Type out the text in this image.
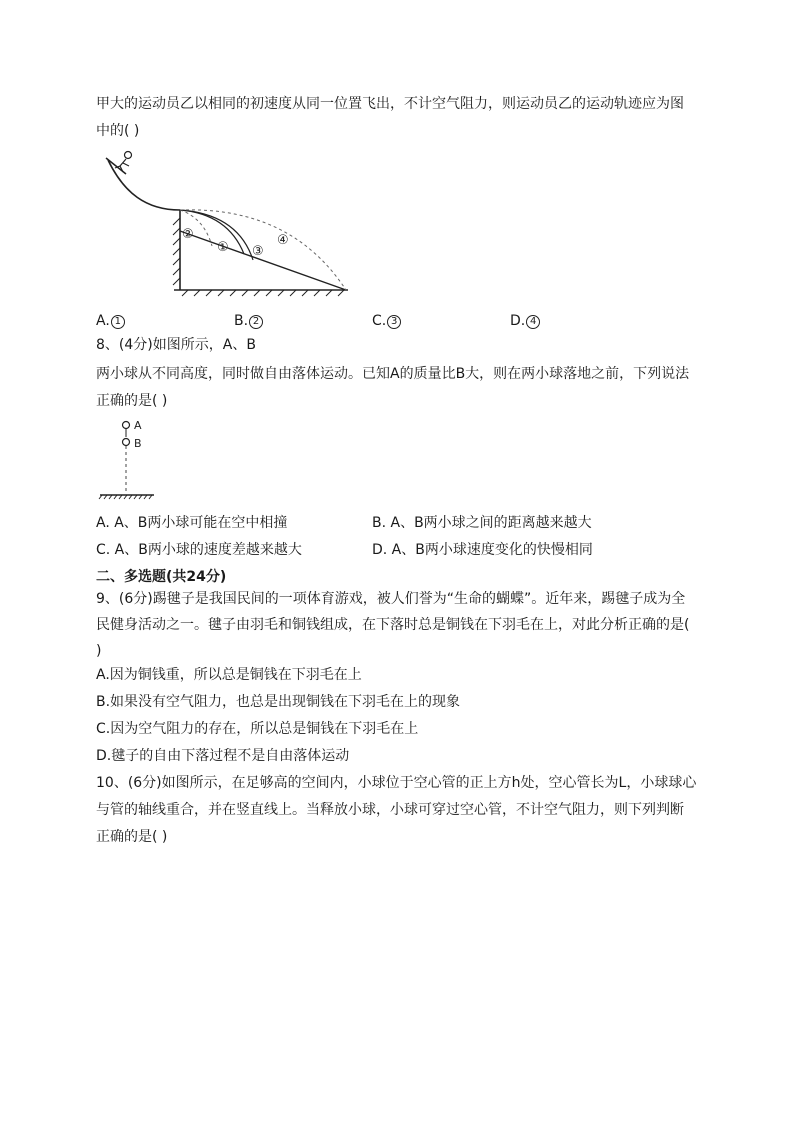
甲大的运动员乙以相同的初速度从同一位置飞出，不计空气阻力，则运动员乙的运动轨迹应为图
中的( )
②
① ③
④
A. 1	B. 2	C. 3	D. 4
8、(4分)如图所示，A、B
两小球从不同高度，同时做自由落体运动。已知A的质量比B大，则在两小球落地之前，下列说法
正确的是( )
A
B
A. A、B两小球可能在空中相撞	B. A、B两小球之间的距离越来越大
C. A、B两小球的速度差越来越大	D. A、B两小球速度变化的快慢相同
二、多选题(共24分)
9、(6分)踢毽子是我国民间的一项体育游戏，被人们誉为“生命的蝴蝶”。近年来，踢毽子成为全
民健身活动之一。毽子由羽毛和铜钱组成，在下落时总是铜钱在下羽毛在上，对此分析正确的是(
)
A.因为铜钱重，所以总是铜钱在下羽毛在上
B.如果没有空气阻力，也总是出现铜钱在下羽毛在上的现象
C.因为空气阻力的存在，所以总是铜钱在下羽毛在上
D.毽子的自由下落过程不是自由落体运动
10、(6分)如图所示，在足够高的空间内，小球位于空心管的正上方h处，空心管长为L，小球球心
与管的轴线重合，并在竖直线上。当释放小球，小球可穿过空心管，不计空气阻力，则下列判断
正确的是( )
